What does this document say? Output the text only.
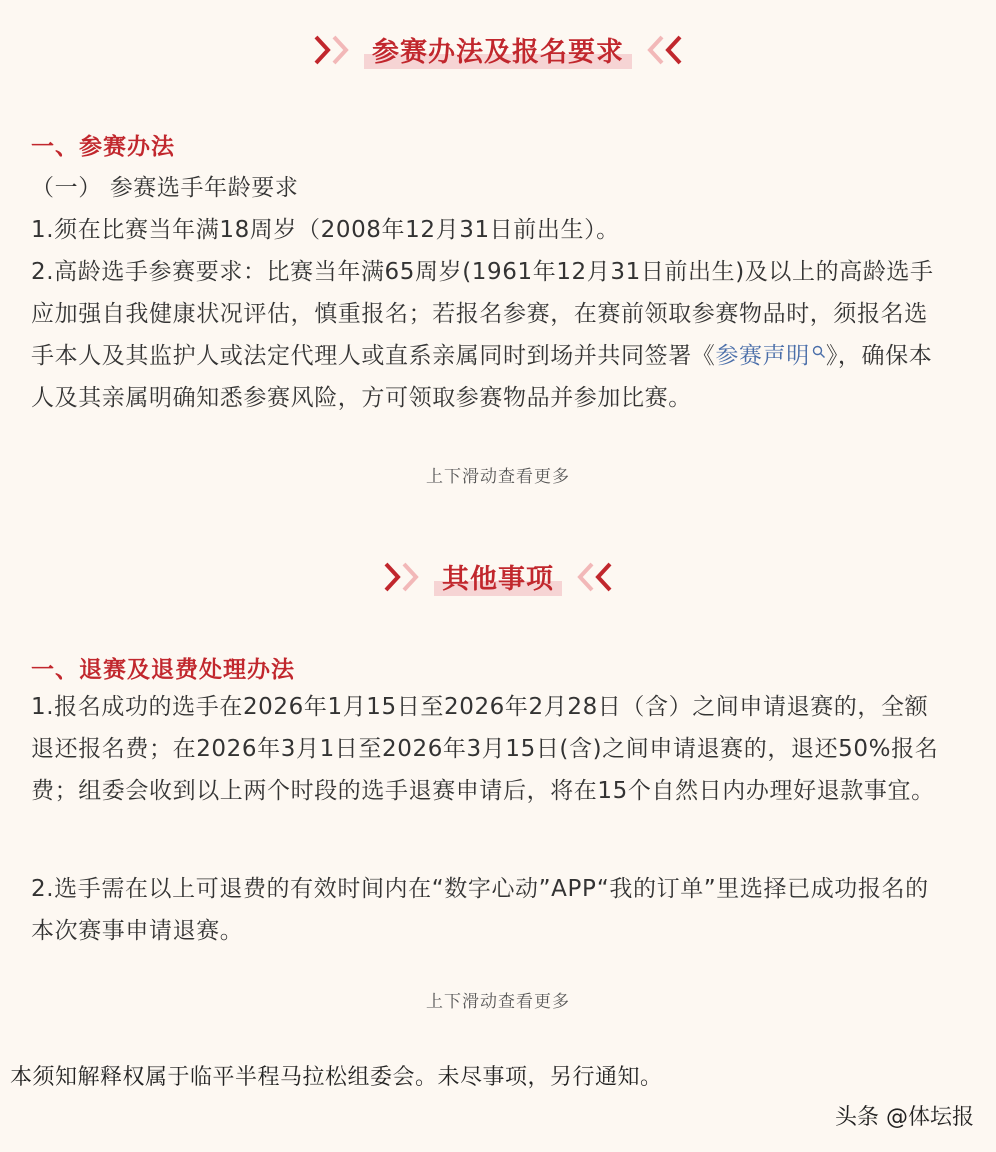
参赛办法及报名要求
一、参赛办法

（一） 参赛选手年龄要求

1.须在比赛当年满18周岁（2008年12月31日前出生）。

2.高龄选手参赛要求：比赛当年满65周岁(1961年12月31日前出生)及以上的高龄选手应加强自我健康状况评估，慎重报名；若报名参赛，在赛前领取参赛物品时，须报名选手本人及其监护人或法定代理人或直系亲属同时到场并共同签署《参赛声明 》，确保本人及其亲属明确知悉参赛风险，方可领取参赛物品并参加比赛。

上下滑动查看更多
其他事项
一、退赛及退费处理办法

1.报名成功的选手在2026年1月15日至2026年2月28日（含）之间申请退赛的，全额退还报名费；在2026年3月1日至2026年3月15日(含)之间申请退赛的，退还50%报名费；组委会收到以上两个时段的选手退赛申请后，将在15个自然日内办理好退款事宜。

2.选手需在以上可退费的有效时间内在“数字心动”APP“我的订单”里选择已成功报名的本次赛事申请退赛。

上下滑动查看更多
本须知解释权属于临平半程马拉松组委会。未尽事项，另行通知。
头条 @体坛报
